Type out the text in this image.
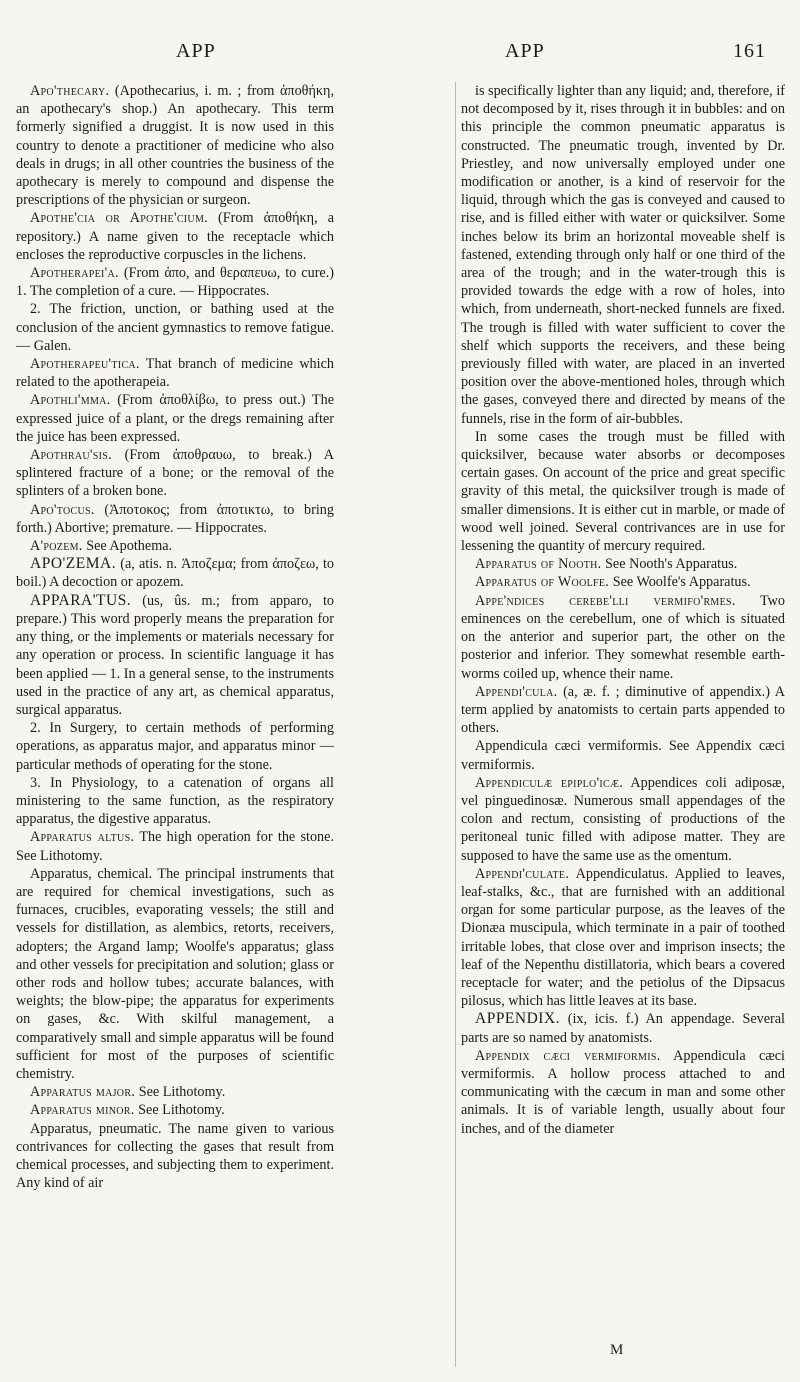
APP	APP	161

Apo'thecary. (Apothecarius, i. m. ; from ἀποθήκη, an apothecary's shop.) An apothecary. This term formerly signified a druggist. It is now used in this country to denote a practitioner of medicine who also deals in drugs; in all other countries the business of the apothecary is merely to compound and dispense the prescriptions of the physician or surgeon.

Apothe'cia or Apothe'cium. (From ἀποθήκη, a repository.) A name given to the receptacle which encloses the reproductive corpuscles in the lichens.

Apotherapei'a. (From ἀπο, and θεραπευω, to cure.) 1. The completion of a cure. — Hippocrates.

2. The friction, unction, or bathing used at the conclusion of the ancient gymnastics to remove fatigue. — Galen.

Apotherapeu'tica. That branch of medicine which related to the apotherapeia.

Apothli'mma. (From ἀποθλίβω, to press out.) The expressed juice of a plant, or the dregs remaining after the juice has been expressed.

Apothrau'sis. (From ἀποθραυω, to break.) A splintered fracture of a bone; or the removal of the splinters of a broken bone.

Apo'tocus. (Ἀποτοκος; from ἀποτικτω, to bring forth.) Abortive; premature. — Hippocrates.

A'pozem. See Apothema.

APO'ZEMA. (a, atis. n. Ἀποζεμα; from ἀποζεω, to boil.) A decoction or apozem.

APPARA'TUS. (us, ûs. m.; from apparo, to prepare.) This word properly means the preparation for any thing, or the implements or materials necessary for any operation or process. In scientific language it has been applied — 1. In a general sense, to the instruments used in the practice of any art, as chemical apparatus, surgical apparatus.

2. In Surgery, to certain methods of performing operations, as apparatus major, and apparatus minor — particular methods of operating for the stone.

3. In Physiology, to a catenation of organs all ministering to the same function, as the respiratory apparatus, the digestive apparatus.

Apparatus altus. The high operation for the stone. See Lithotomy.

Apparatus, chemical. The principal instruments that are required for chemical investigations, such as furnaces, crucibles, evaporating vessels; the still and vessels for distillation, as alembics, retorts, receivers, adopters; the Argand lamp; Woolfe's apparatus; glass and other vessels for precipitation and solution; glass or other rods and hollow tubes; accurate balances, with weights; the blow-pipe; the apparatus for experiments on gases, &c. With skilful management, a comparatively small and simple apparatus will be found sufficient for most of the purposes of scientific chemistry.

Apparatus major. See Lithotomy.

Apparatus minor. See Lithotomy.

Apparatus, pneumatic. The name given to various contrivances for collecting the gases that result from chemical processes, and subjecting them to experiment. Any kind of air

is specifically lighter than any liquid; and, therefore, if not decomposed by it, rises through it in bubbles: and on this principle the common pneumatic apparatus is constructed. The pneumatic trough, invented by Dr. Priestley, and now universally employed under one modification or another, is a kind of reservoir for the liquid, through which the gas is conveyed and caused to rise, and is filled either with water or quicksilver. Some inches below its brim an horizontal moveable shelf is fastened, extending through only half or one third of the area of the trough; and in the water-trough this is provided towards the edge with a row of holes, into which, from underneath, short-necked funnels are fixed. The trough is filled with water sufficient to cover the shelf which supports the receivers, and these being previously filled with water, are placed in an inverted position over the above-mentioned holes, through which the gases, conveyed there and directed by means of the funnels, rise in the form of air-bubbles.

In some cases the trough must be filled with quicksilver, because water absorbs or decomposes certain gases. On account of the price and great specific gravity of this metal, the quicksilver trough is made of smaller dimensions. It is either cut in marble, or made of wood well joined. Several contrivances are in use for lessening the quantity of mercury required.

Apparatus of Nooth. See Nooth's Apparatus.

Apparatus of Woolfe. See Woolfe's Apparatus.

Appe'ndices cerebe'lli vermifo'rmes. Two eminences on the cerebellum, one of which is situated on the anterior and superior part, the other on the posterior and inferior. They somewhat resemble earth-worms coiled up, whence their name.

Appendi'cula. (a, æ. f. ; diminutive of appendix.) A term applied by anatomists to certain parts appended to others.

Appendicula cæci vermiformis. See Appendix cæci vermiformis.

Appendiculæ epiplo'icæ. Appendices coli adiposæ, vel pinguedinosæ. Numerous small appendages of the colon and rectum, consisting of productions of the peritoneal tunic filled with adipose matter. They are supposed to have the same use as the omentum.

Appendi'culate. Appendiculatus. Applied to leaves, leaf-stalks, &c., that are furnished with an additional organ for some particular purpose, as the leaves of the Dionæa muscipula, which terminate in a pair of toothed irritable lobes, that close over and imprison insects; the leaf of the Nepenthu distillatoria, which bears a covered receptacle for water; and the petiolus of the Dipsacus pilosus, which has little leaves at its base.

APPENDIX. (ix, icis. f.) An appendage. Several parts are so named by anatomists.

Appendix cæci vermiformis. Appendicula cæci vermiformis. A hollow process attached to and communicating with the cæcum in man and some other animals. It is of variable length, usually about four inches, and of the diameter

M
